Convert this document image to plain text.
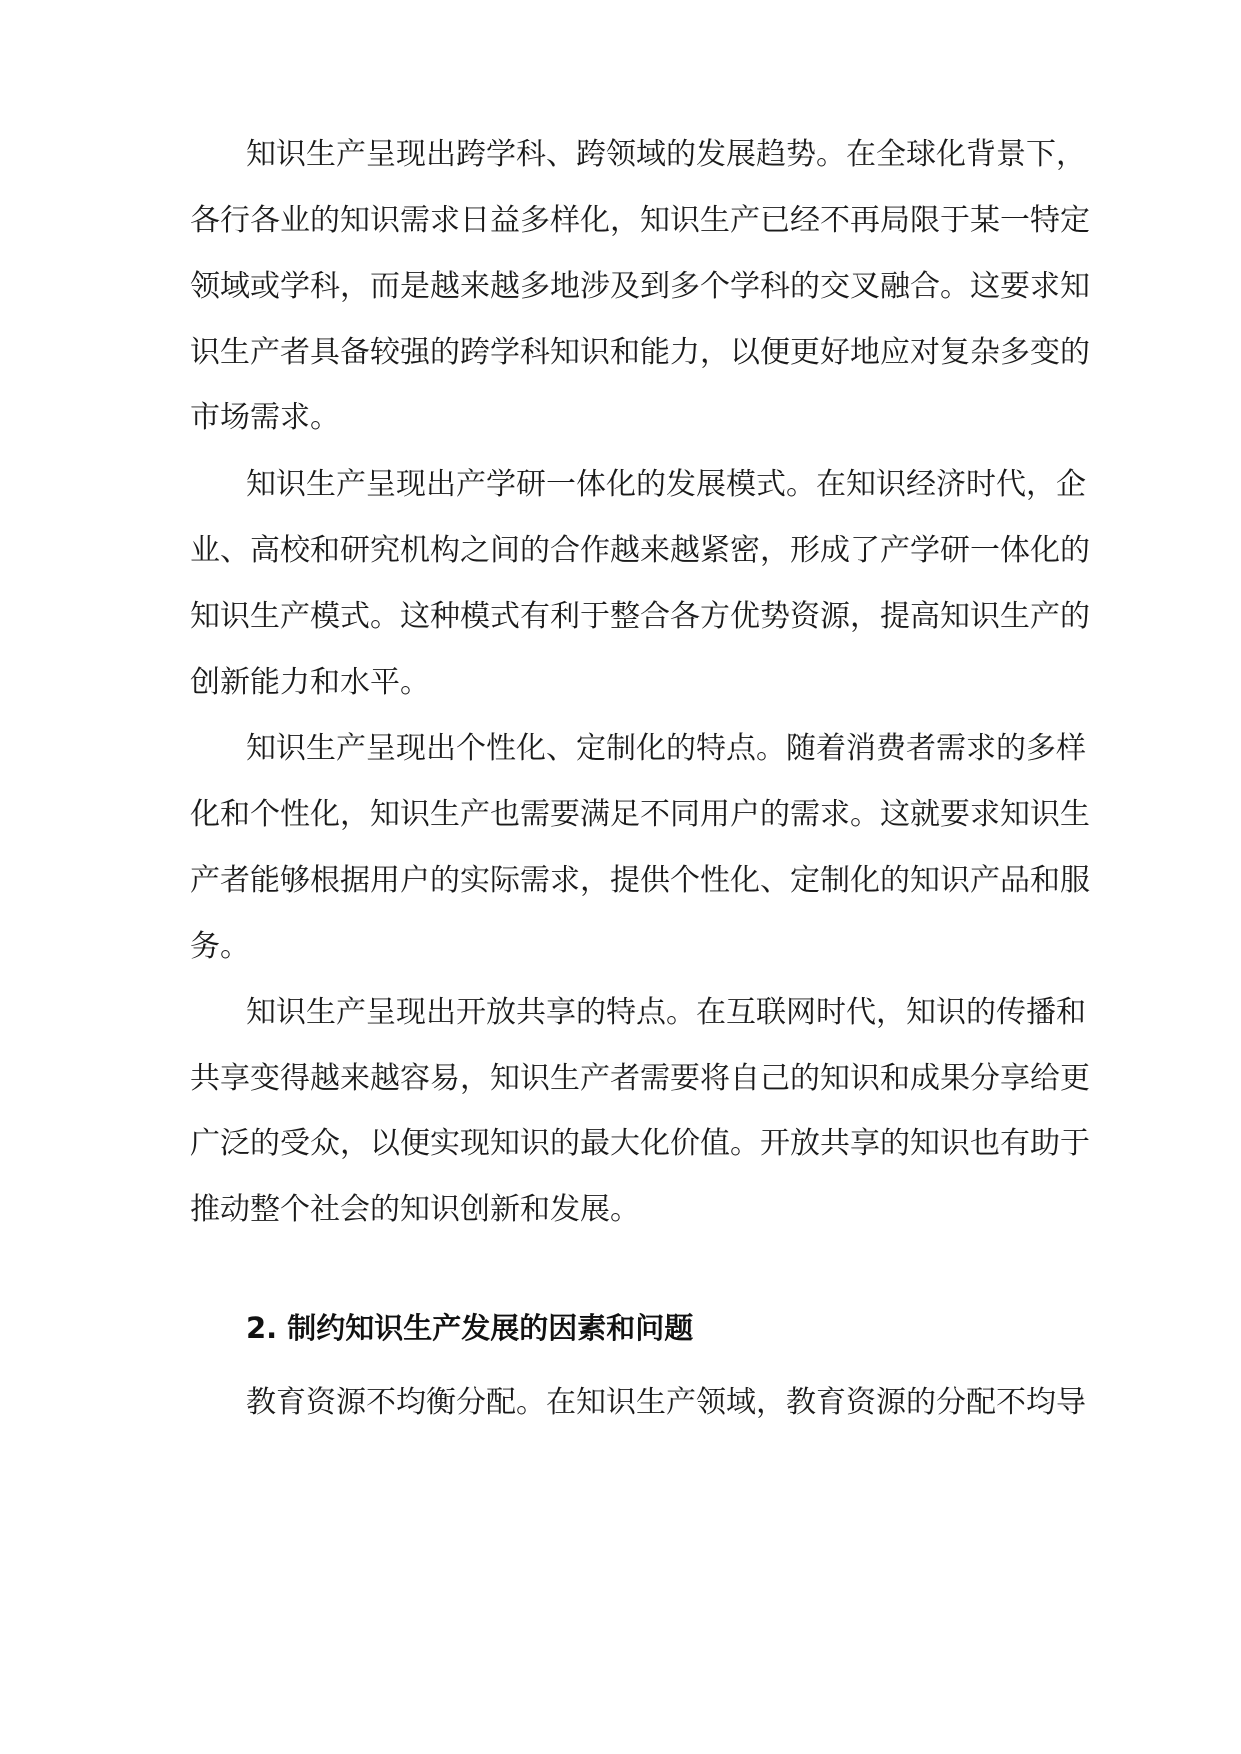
知识生产呈现出跨学科、跨领域的发展趋势。在全球化背景下，
各行各业的知识需求日益多样化，知识生产已经不再局限于某一特定
领域或学科，而是越来越多地涉及到多个学科的交叉融合。这要求知
识生产者具备较强的跨学科知识和能力，以便更好地应对复杂多变的
市场需求。
知识生产呈现出产学研一体化的发展模式。在知识经济时代，企
业、高校和研究机构之间的合作越来越紧密，形成了产学研一体化的
知识生产模式。这种模式有利于整合各方优势资源，提高知识生产的
创新能力和水平。
知识生产呈现出个性化、定制化的特点。随着消费者需求的多样
化和个性化，知识生产也需要满足不同用户的需求。这就要求知识生
产者能够根据用户的实际需求，提供个性化、定制化的知识产品和服
务。
知识生产呈现出开放共享的特点。在互联网时代，知识的传播和
共享变得越来越容易，知识生产者需要将自己的知识和成果分享给更
广泛的受众，以便实现知识的最大化价值。开放共享的知识也有助于
推动整个社会的知识创新和发展。
教育资源不均衡分配。在知识生产领域，教育资源的分配不均导
2. 制约知识生产发展的因素和问题
